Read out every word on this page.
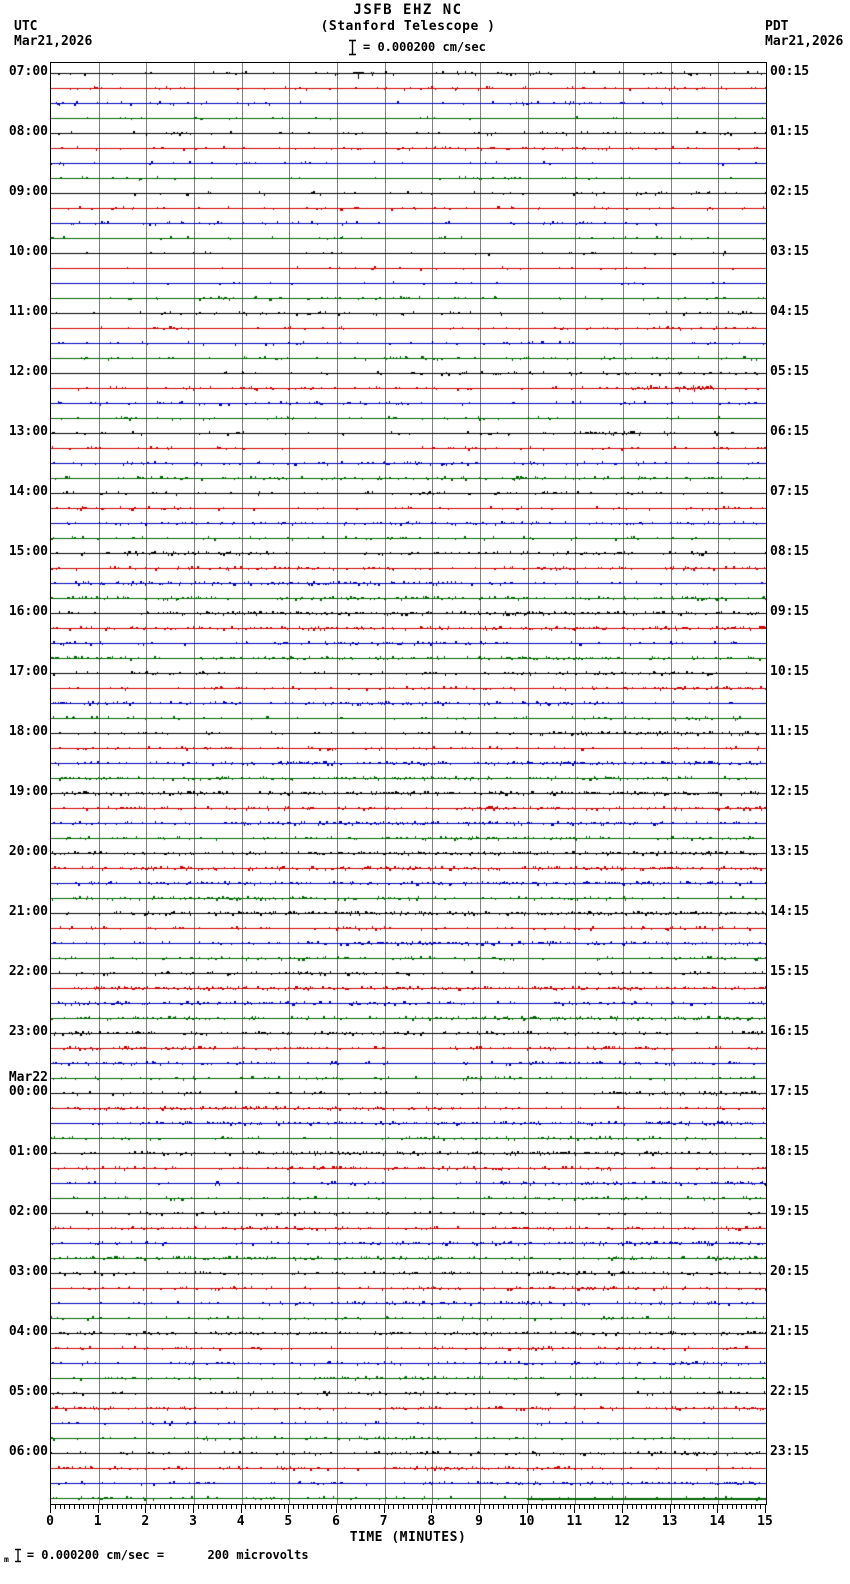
JSFB EHZ NC
(Stanford Telescope )
= 0.000200 cm/sec
UTC
Mar21,2026
PDT
Mar21,2026
07:00
08:00
09:00
10:00
11:00
12:00
13:00
14:00
15:00
16:00
17:00
18:00
19:00
20:00
21:00
22:00
23:00
Mar22
00:00
01:00
02:00
03:00
04:00
05:00
06:00
00:15
01:15
02:15
03:15
04:15
05:15
06:15
07:15
08:15
09:15
10:15
11:15
12:15
13:15
14:15
15:15
16:15
17:15
18:15
19:15
20:15
21:15
22:15
23:15
0	1	2	3	4	5	6	7	8	9	10	11	12	13	14	15
TIME (MINUTES)
m = 0.000200 cm/sec =      200 microvolts
